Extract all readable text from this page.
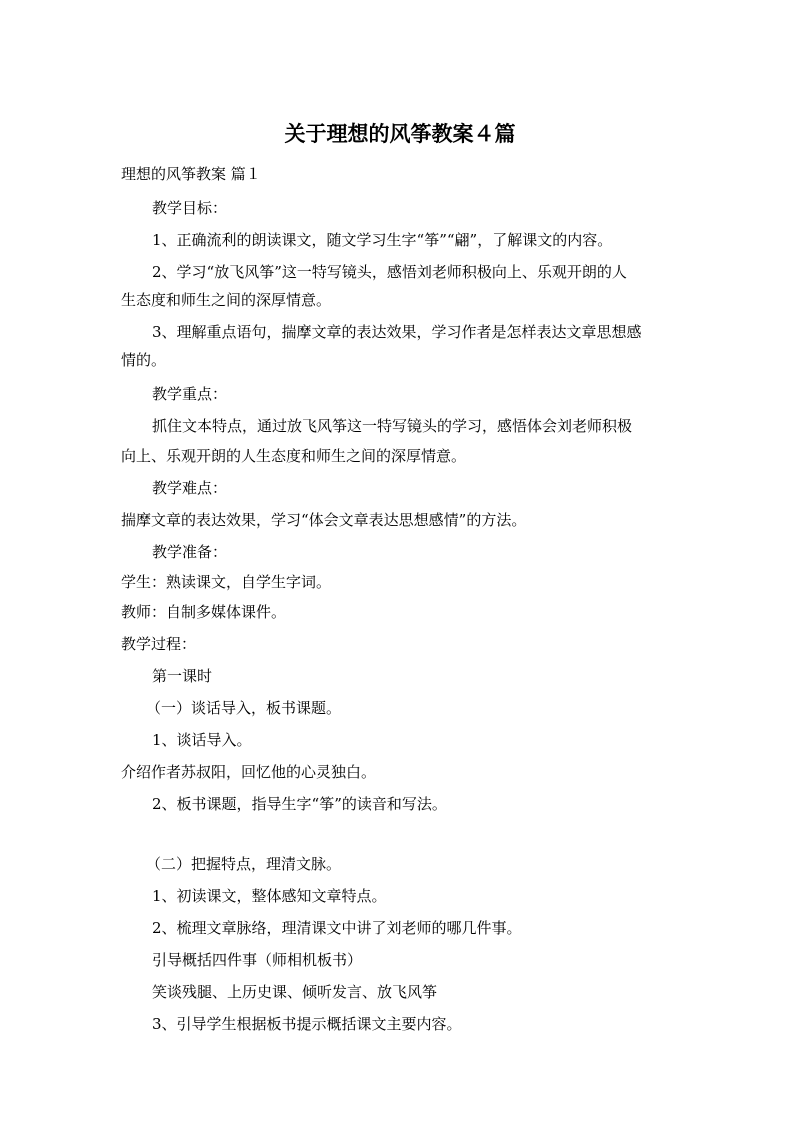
关于理想的风筝教案４篇

理想的风筝教案 篇１

教学目标：

1、正确流利的朗读课文，随文学习生字“筝”“翩”，了解课文的内容。

2、学习“放飞风筝”这一特写镜头，感悟刘老师积极向上、乐观开朗的人

生态度和师生之间的深厚情意。

3、理解重点语句，揣摩文章的表达效果，学习作者是怎样表达文章思想感

情的。

教学重点：

抓住文本特点，通过放飞风筝这一特写镜头的学习，感悟体会刘老师积极

向上、乐观开朗的人生态度和师生之间的深厚情意。

教学难点：

揣摩文章的表达效果，学习“体会文章表达思想感情”的方法。

教学准备：

学生：熟读课文，自学生字词。

教师：自制多媒体课件。

教学过程：

第一课时

（一）谈话导入，板书课题。

1、谈话导入。

介绍作者苏叔阳，回忆他的心灵独白。

2、板书课题，指导生字“筝”的读音和写法。

（二）把握特点，理清文脉。

1、初读课文，整体感知文章特点。

2、梳理文章脉络，理清课文中讲了刘老师的哪几件事。

引导概括四件事（师相机板书）

笑谈残腿、上历史课、倾听发言、放飞风筝

3、引导学生根据板书提示概括课文主要内容。
